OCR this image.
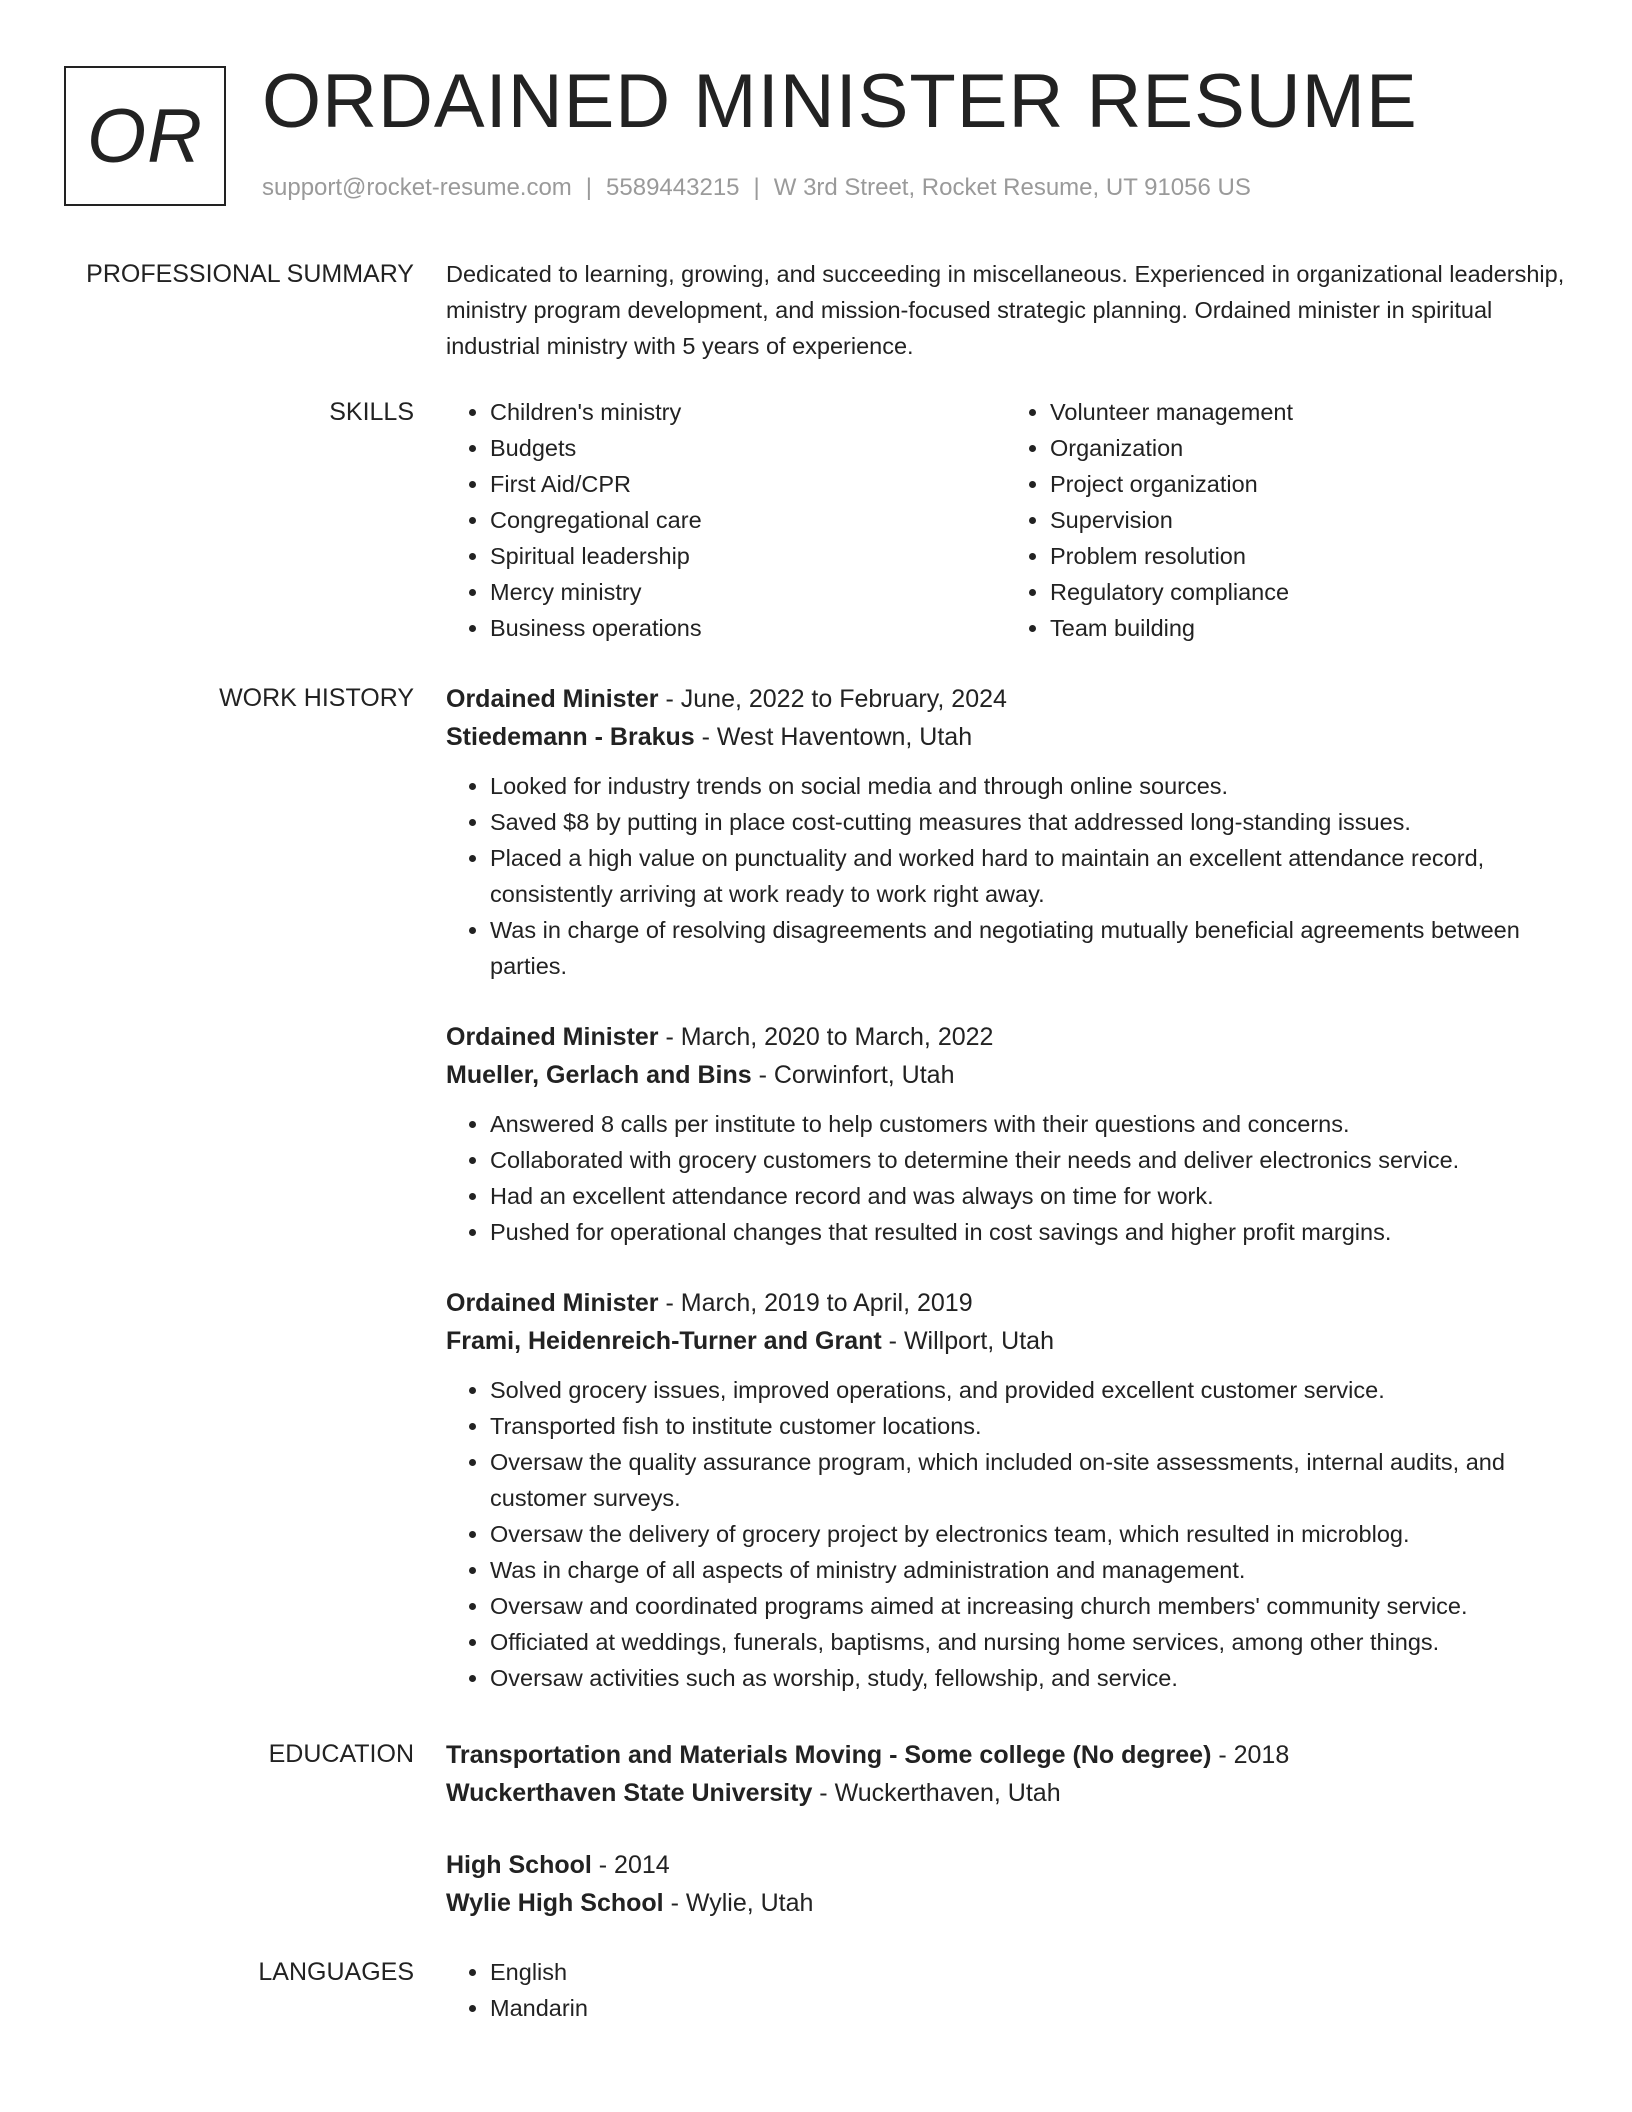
OR ORDAINED MINISTER RESUME
support@rocket-resume.com | 5589443215 | W 3rd Street, Rocket Resume, UT 91056 US
PROFESSIONAL SUMMARY Dedicated to learning, growing, and succeeding in miscellaneous. Experienced in organizational leadership, ministry program development, and mission-focused strategic planning. Ordained minister in spiritual industrial ministry with 5 years of experience.

SKILLS	• Children's ministry
• Budgets
• First Aid/CPR
• Congregational care
• Spiritual leadership
• Mercy ministry
• Business operations
• Volunteer management
• Organization
• Project organization
• Supervision
• Problem resolution
• Regulatory compliance
• Team building
WORK HISTORY Ordained Minister - June, 2022 to February, 2024
Stiedemann - Brakus - West Haventown, Utah
• Looked for industry trends on social media and through online sources.
• Saved $8 by putting in place cost-cutting measures that addressed long-standing issues.
• Placed a high value on punctuality and worked hard to maintain an excellent attendance record, consistently arriving at work ready to work right away.
• Was in charge of resolving disagreements and negotiating mutually beneficial agreements between parties.
Ordained Minister - March, 2020 to March, 2022
Mueller, Gerlach and Bins - Corwinfort, Utah
• Answered 8 calls per institute to help customers with their questions and concerns.
• Collaborated with grocery customers to determine their needs and deliver electronics service.
• Had an excellent attendance record and was always on time for work.
• Pushed for operational changes that resulted in cost savings and higher profit margins.
Ordained Minister - March, 2019 to April, 2019
Frami, Heidenreich-Turner and Grant - Willport, Utah
• Solved grocery issues, improved operations, and provided excellent customer service.
• Transported fish to institute customer locations.
• Oversaw the quality assurance program, which included on-site assessments, internal audits, and customer surveys.
• Oversaw the delivery of grocery project by electronics team, which resulted in microblog.
• Was in charge of all aspects of ministry administration and management.
• Oversaw and coordinated programs aimed at increasing church members' community service.
• Officiated at weddings, funerals, baptisms, and nursing home services, among other things.
• Oversaw activities such as worship, study, fellowship, and service.
EDUCATION Transportation and Materials Moving - Some college (No degree) - 2018
Wuckerthaven State University - Wuckerthaven, Utah
High School - 2014
Wylie High School - Wylie, Utah
LANGUAGES	• English
• Mandarin
